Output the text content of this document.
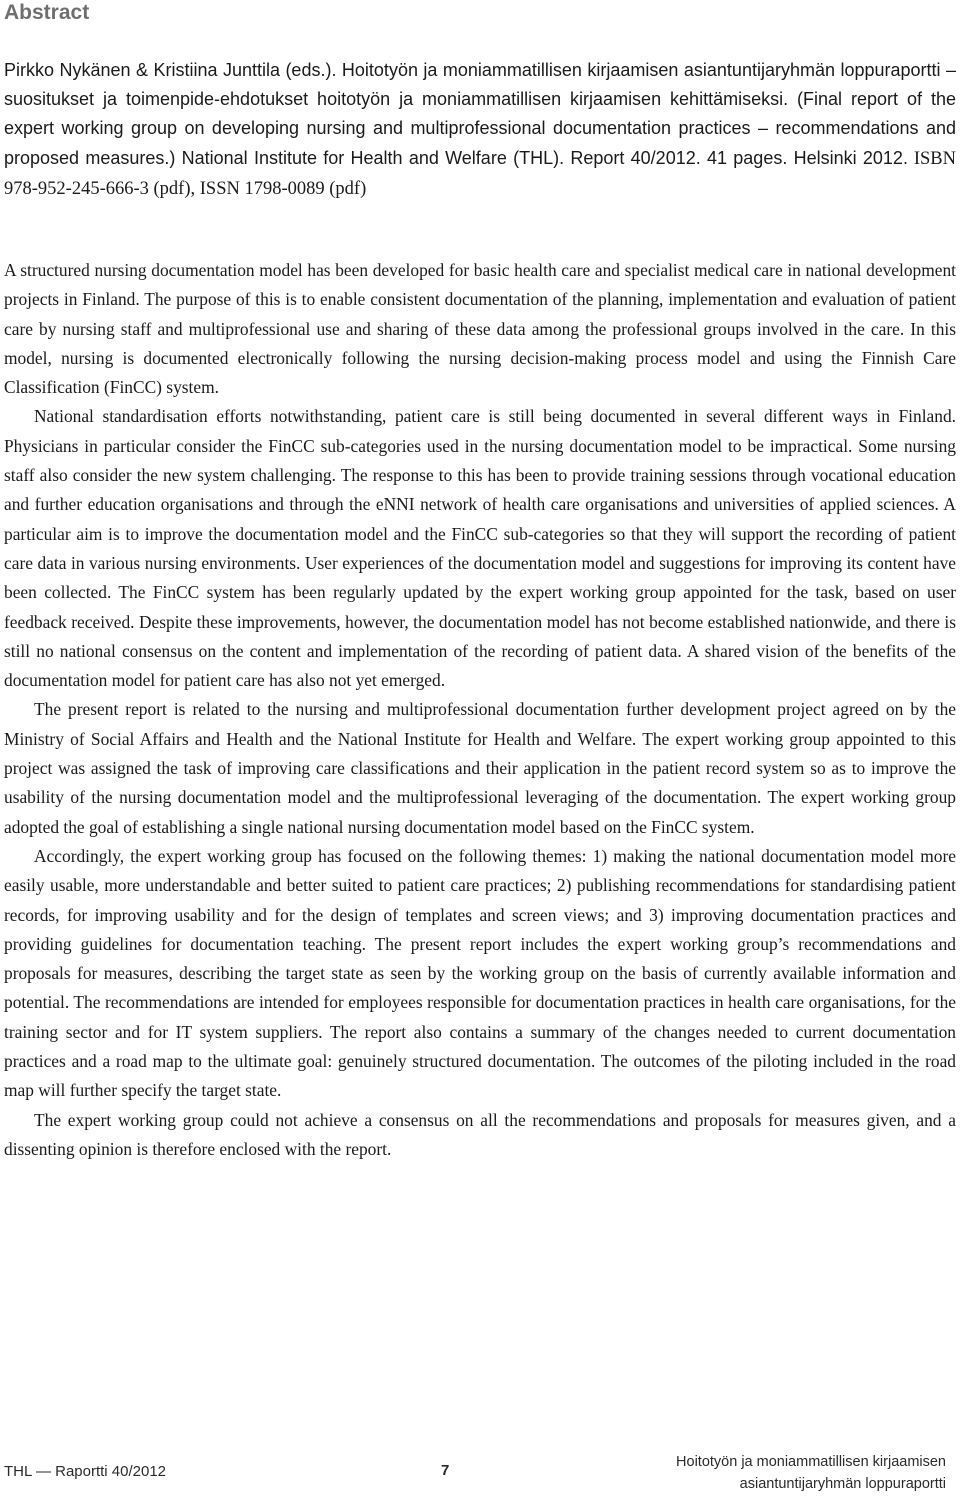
Abstract

Pirkko Nykänen & Kristiina Junttila (eds.). Hoitotyön ja moniammatillisen kirjaamisen asiantuntijaryhmän loppuraportti – suositukset ja toimenpide-ehdotukset hoitotyön ja moniammatillisen kirjaamisen kehittämiseksi. (Final report of the expert working group on developing nursing and multiprofessional documentation practices – recommendations and proposed measures.) National Institute for Health and Welfare (THL). Report 40/2012. 41 pages. Helsinki 2012. ISBN 978-952-245-666-3 (pdf), ISSN 1798-0089 (pdf)

A structured nursing documentation model has been developed for basic health care and specialist medical care in national development projects in Finland. The purpose of this is to enable consistent documentation of the planning, implementation and evaluation of patient care by nursing staff and multiprofessional use and sharing of these data among the professional groups involved in the care. In this model, nursing is documented electronically following the nursing decision-making process model and using the Finnish Care Classification (FinCC) system.

National standardisation efforts notwithstanding, patient care is still being documented in several different ways in Finland. Physicians in particular consider the FinCC sub-categories used in the nursing documentation model to be impractical. Some nursing staff also consider the new system challenging. The response to this has been to provide training sessions through vocational education and further education organisations and through the eNNI network of health care organisations and universities of applied sciences. A particular aim is to improve the documentation model and the FinCC sub-categories so that they will support the recording of patient care data in various nursing environments. User experiences of the documentation model and suggestions for improving its content have been collected. The FinCC system has been regularly updated by the expert working group appointed for the task, based on user feedback received. Despite these improvements, however, the documentation model has not become established nationwide, and there is still no national consensus on the content and implementation of the recording of patient data. A shared vision of the benefits of the documentation model for patient care has also not yet emerged.

The present report is related to the nursing and multiprofessional documentation further development project agreed on by the Ministry of Social Affairs and Health and the National Institute for Health and Welfare. The expert working group appointed to this project was assigned the task of improving care classifications and their application in the patient record system so as to improve the usability of the nursing documentation model and the multiprofessional leveraging of the documentation. The expert working group adopted the goal of establishing a single national nursing documentation model based on the FinCC system.

Accordingly, the expert working group has focused on the following themes: 1) making the national documentation model more easily usable, more understandable and better suited to patient care practices; 2) publishing recommendations for standardising patient records, for improving usability and for the design of templates and screen views; and 3) improving documentation practices and providing guidelines for documentation teaching. The present report includes the expert working group’s recommendations and proposals for measures, describing the target state as seen by the working group on the basis of currently available information and potential. The recommendations are intended for employees responsible for documentation practices in health care organisations, for the training sector and for IT system suppliers. The report also contains a summary of the changes needed to current documentation practices and a road map to the ultimate goal: genuinely structured documentation. The outcomes of the piloting included in the road map will further specify the target state.

The expert working group could not achieve a consensus on all the recommendations and proposals for measures given, and a dissenting opinion is therefore enclosed with the report.

THL — Raportti 40/2012	7	Hoitotyön ja moniammatillisen kirjaamisen
asiantuntijaryhmän loppuraportti
